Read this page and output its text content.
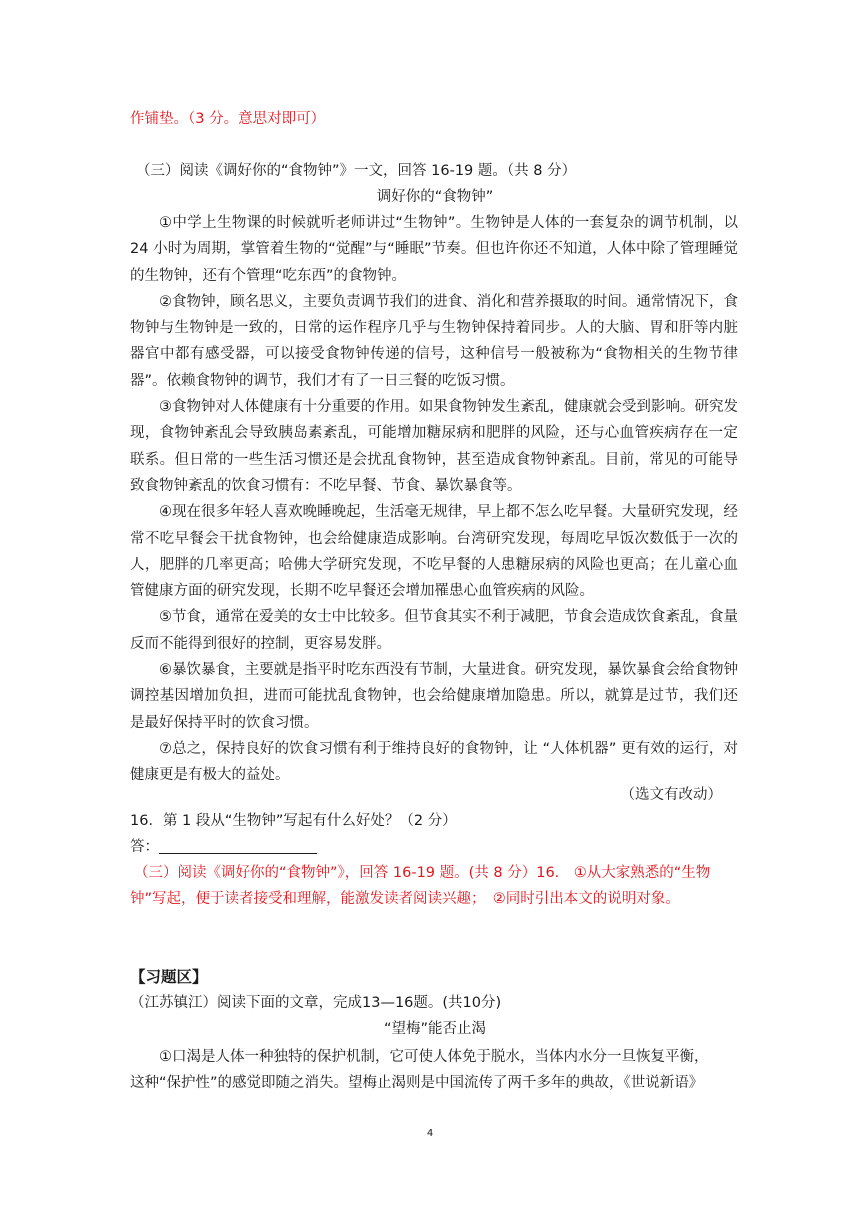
作铺垫。（3 分。意思对即可）
（三）阅读《调好你的“食物钟”》一文，回答 16-19 题。（共 8 分）
调好你的“食物钟”

①中学上生物课的时候就听老师讲过“生物钟”。生物钟是人体的一套复杂的调节机制，以 24 小时为周期，掌管着生物的“觉醒”与“睡眠”节奏。但也许你还不知道，人体中除了管理睡觉的生物钟，还有个管理“吃东西”的食物钟。

②食物钟，顾名思义，主要负责调节我们的进食、消化和营养摄取的时间。通常情况下，食物钟与生物钟是一致的，日常的运作程序几乎与生物钟保持着同步。人的大脑、胃和肝等内脏器官中都有感受器，可以接受食物钟传递的信号，这种信号一般被称为“食物相关的生物节律器”。依赖食物钟的调节，我们才有了一日三餐的吃饭习惯。

③食物钟对人体健康有十分重要的作用。如果食物钟发生紊乱，健康就会受到影响。研究发现，食物钟紊乱会导致胰岛素紊乱，可能增加糖尿病和肥胖的风险，还与心血管疾病存在一定联系。但日常的一些生活习惯还是会扰乱食物钟，甚至造成食物钟紊乱。目前，常见的可能导致食物钟紊乱的饮食习惯有：不吃早餐、节食、暴饮暴食等。

④现在很多年轻人喜欢晚睡晚起，生活毫无规律，早上都不怎么吃早餐。大量研究发现，经常不吃早餐会干扰食物钟，也会给健康造成影响。台湾研究发现，每周吃早饭次数低于一次的人，肥胖的几率更高；哈佛大学研究发现，不吃早餐的人患糖尿病的风险也更高；在儿童心血管健康方面的研究发现，长期不吃早餐还会增加罹患心血管疾病的风险。

⑤节食，通常在爱美的女士中比较多。但节食其实不利于减肥，节食会造成饮食紊乱，食量反而不能得到很好的控制，更容易发胖。

⑥暴饮暴食，主要就是指平时吃东西没有节制，大量进食。研究发现，暴饮暴食会给食物钟调控基因增加负担，进而可能扰乱食物钟，也会给健康增加隐患。所以，就算是过节，我们还是最好保持平时的饮食习惯。

⑦总之，保持良好的饮食习惯有利于维持良好的食物钟，让 “人体机器” 更有效的运行，对健康更是有极大的益处。

（选文有改动）
16．第 1 段从“生物钟”写起有什么好处？（2 分）
答：
（三）阅读《调好你的“食物钟”》，回答 16-19 题。(共 8 分）16.　①从大家熟悉的“生物
钟”写起，便于读者接受和理解，能激发读者阅读兴趣；　②同时引出本文的说明对象。
【习题区】
（江苏镇江）阅读下面的文章，完成13—16题。(共10分)
“望梅”能否止渴
①口渴是人体一种独特的保护机制，它可使人体免于脱水，当体内水分一旦恢复平衡，
这种“保护性”的感觉即随之消失。望梅止渴则是中国流传了两千多年的典故，《世说新语》
4
